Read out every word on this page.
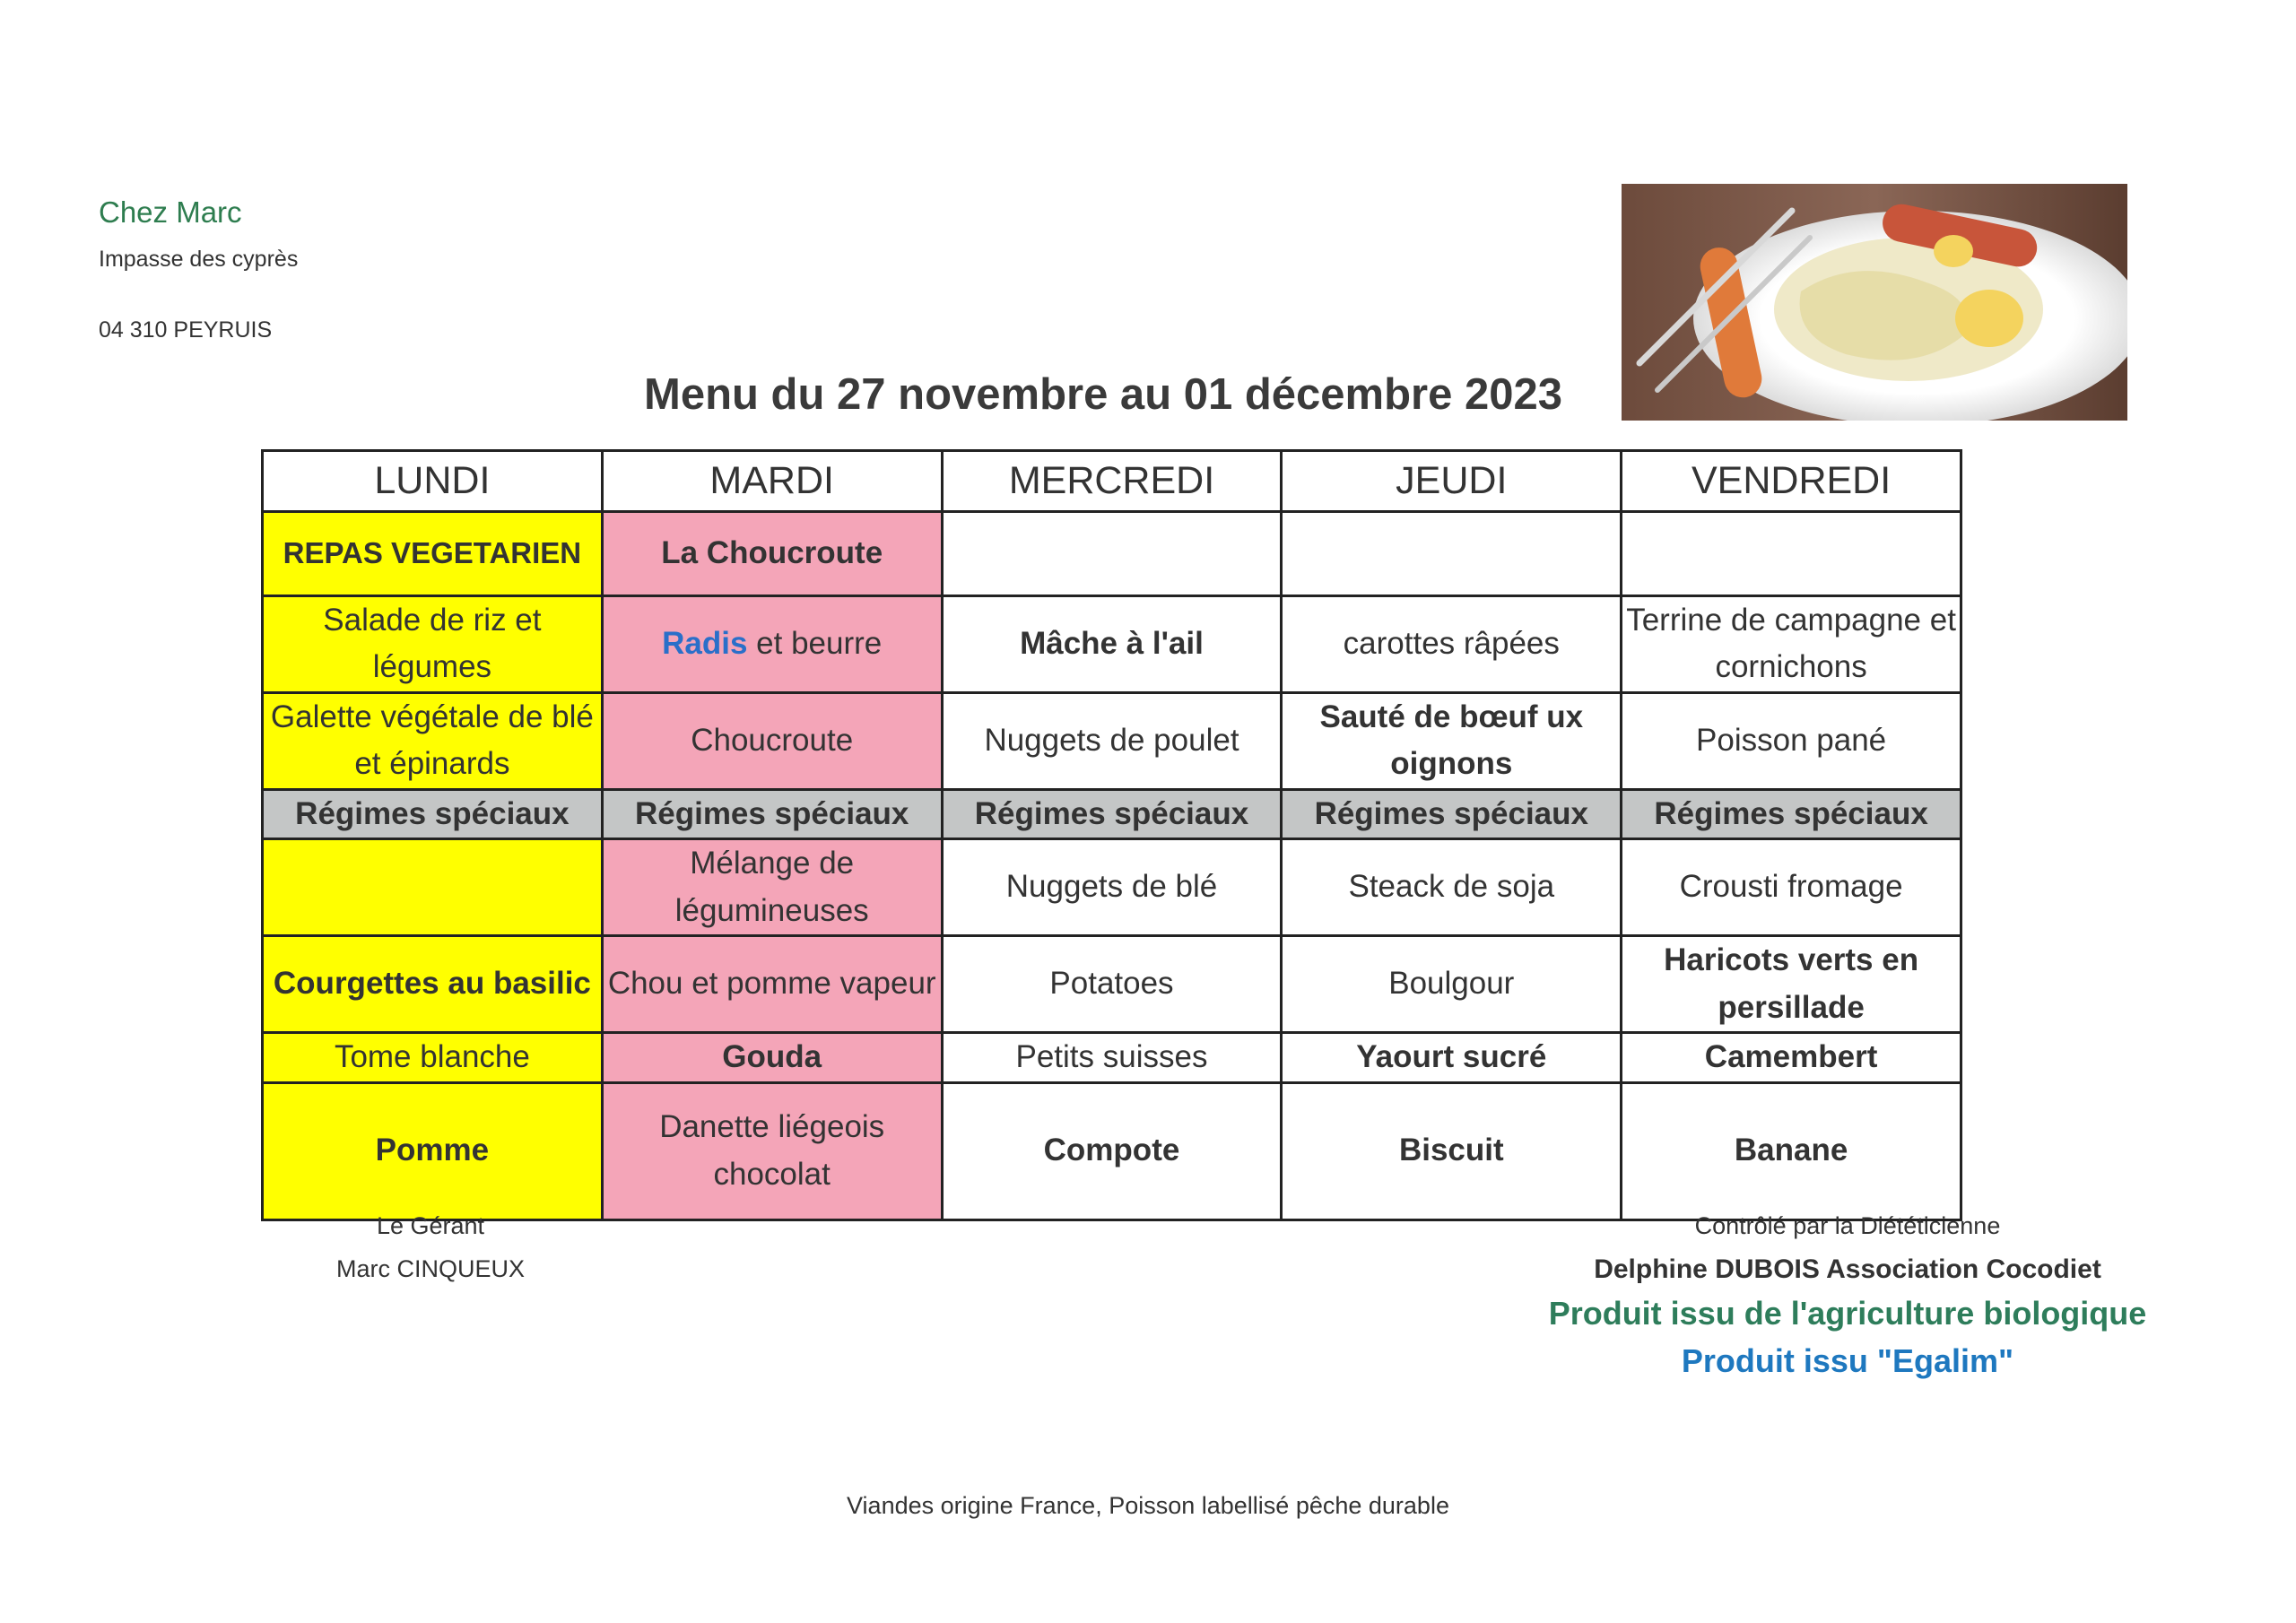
Chez Marc
Impasse des cyprès
04 310 PEYRUIS
Menu du 27 novembre au 01 décembre 2023
LUNDI	MARDI	MERCREDI	JEUDI	VENDREDI
REPAS VEGETARIEN	La Choucroute			
Salade de riz et légumes	Radis et beurre	Mâche à l'ail	carottes râpées	Terrine de campagne et cornichons
Galette végétale de blé et épinards	Choucroute	Nuggets de poulet	Sauté de bœuf ux oignons	Poisson pané
Régimes spéciaux	Régimes spéciaux	Régimes spéciaux	Régimes spéciaux	Régimes spéciaux
	Mélange de légumineuses	Nuggets de blé	Steack de soja	Crousti fromage
Courgettes au basilic	Chou et pomme vapeur	Potatoes	Boulgour	Haricots verts en persillade
Tome blanche	Gouda	Petits suisses	Yaourt sucré	Camembert
Pomme	Danette liégeois chocolat	Compote	Biscuit	Banane
Le Gérant
Marc CINQUEUX
Contrôlé par la Diététicienne
Delphine DUBOIS Association Cocodiet
Produit issu de l'agriculture biologique
Produit issu "Egalim"
Viandes origine France, Poisson labellisé pêche durable
